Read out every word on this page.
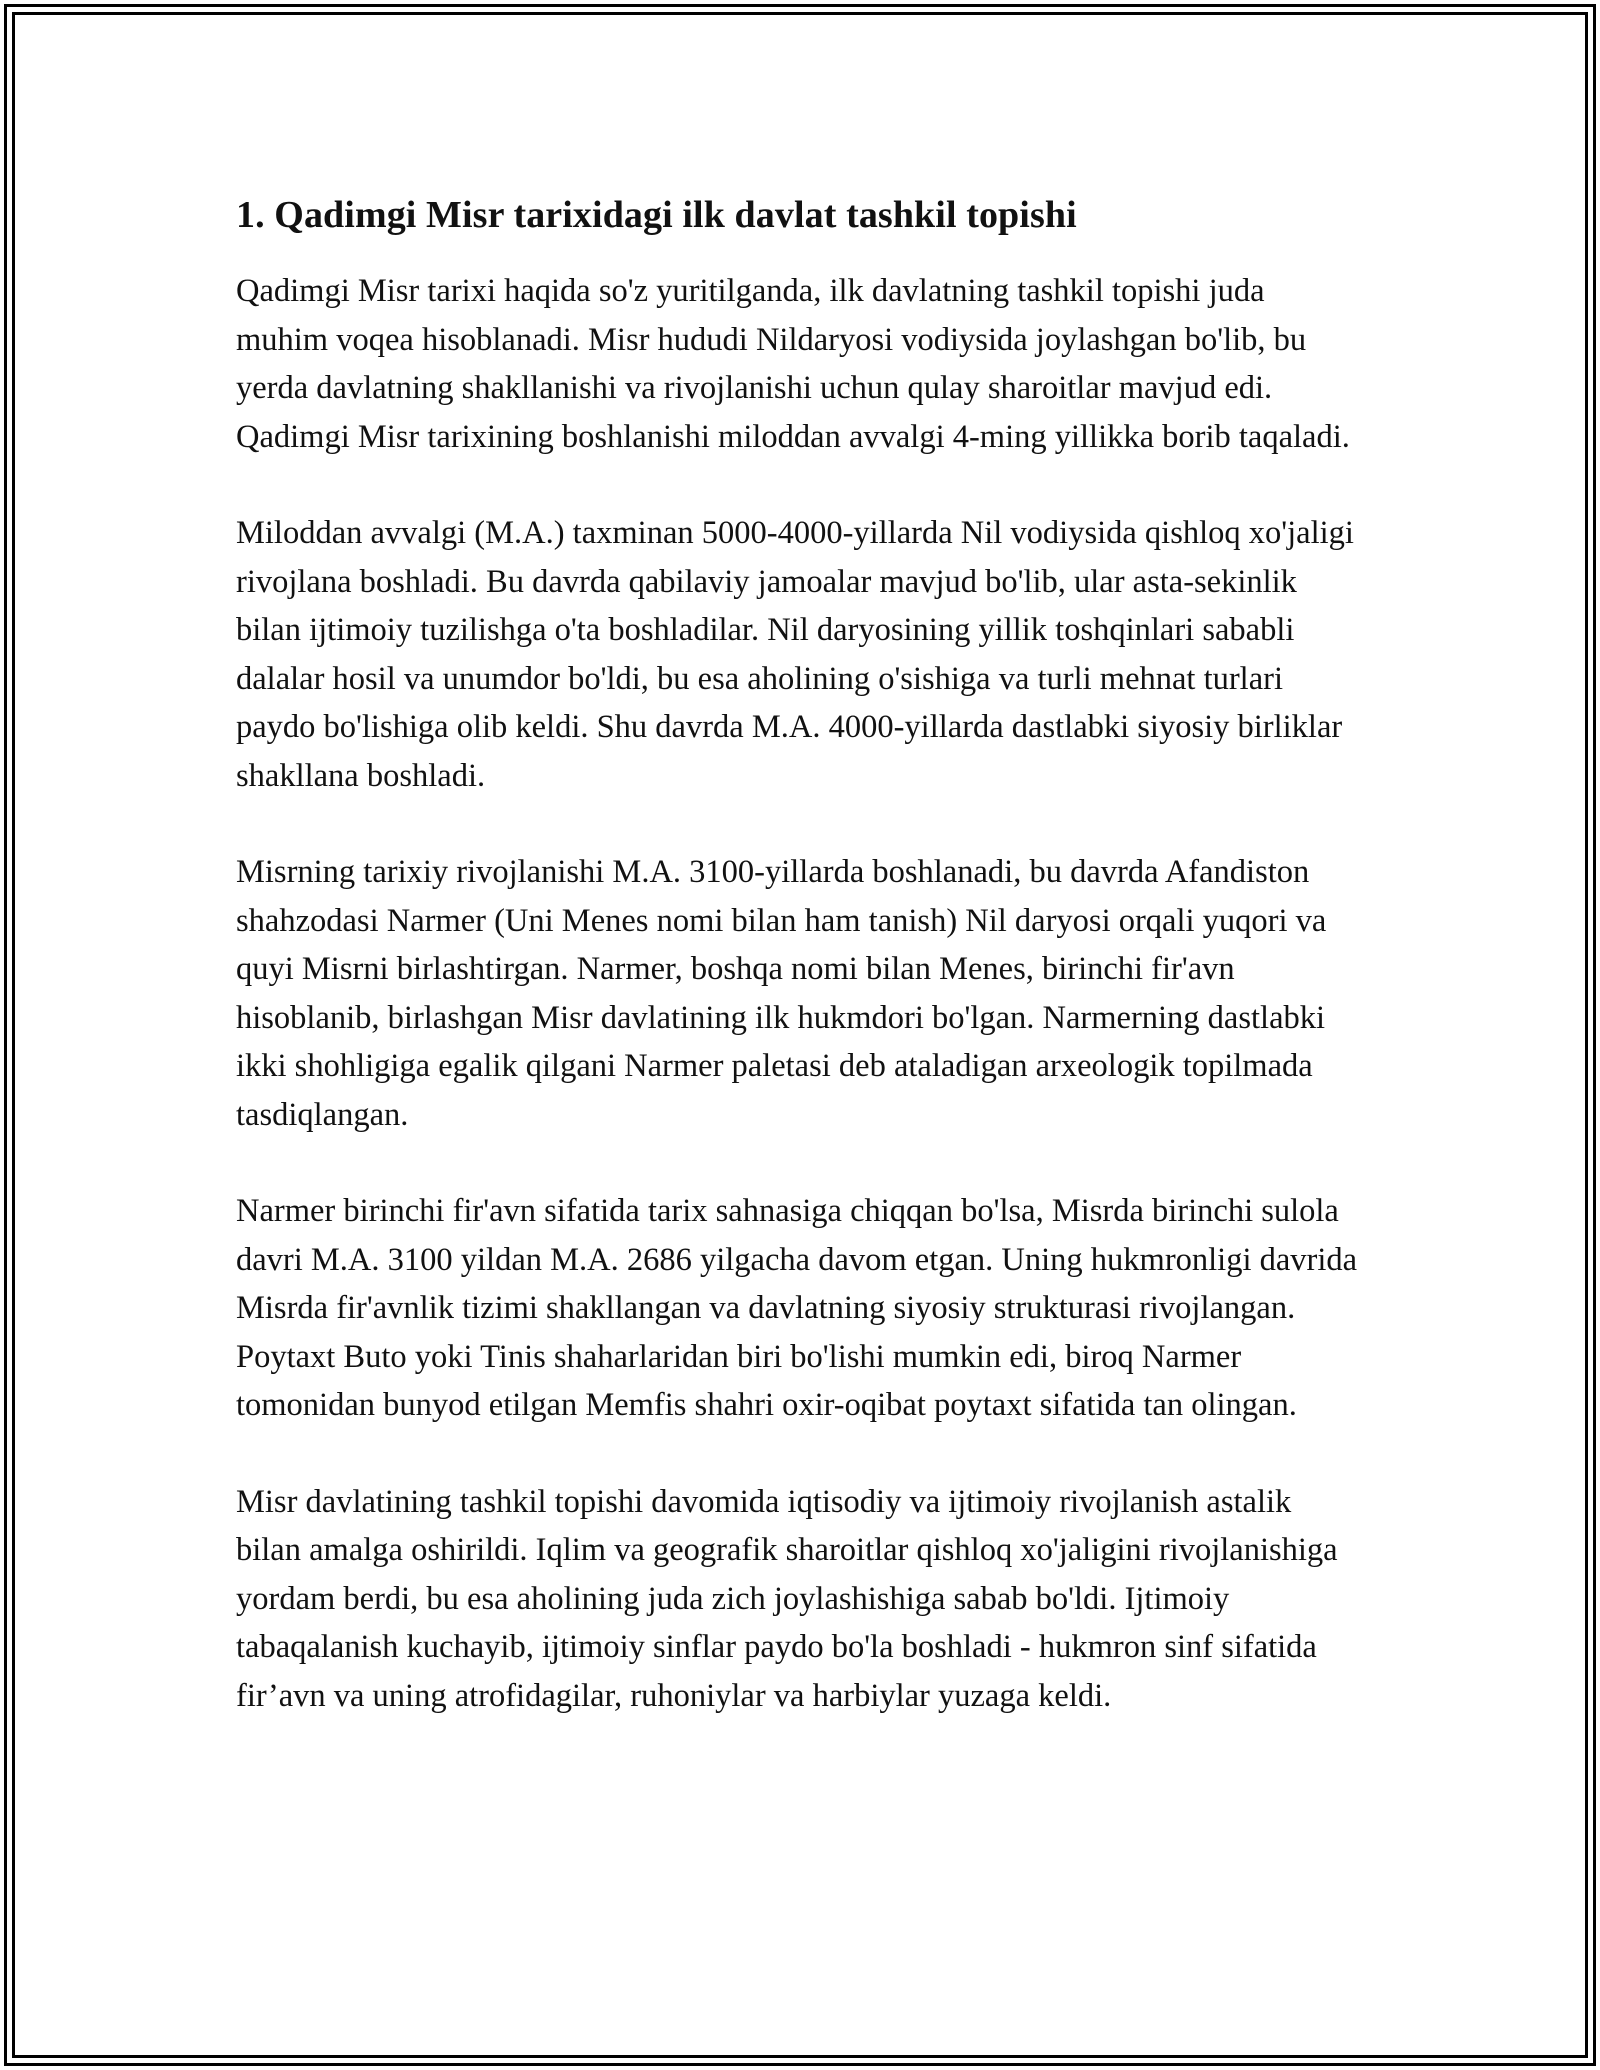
1. Qadimgi Misr tarixidagi ilk davlat tashkil topishi

Qadimgi Misr tarixi haqida so'z yuritilganda, ilk davlatning tashkil topishi juda muhim voqea hisoblanadi. Misr hududi Nildaryosi vodiysida joylashgan bo'lib, bu yerda davlatning shakllanishi va rivojlanishi uchun qulay sharoitlar mavjud edi. Qadimgi Misr tarixining boshlanishi miloddan avvalgi 4-ming yillikka borib taqaladi.

Miloddan avvalgi (M.A.) taxminan 5000-4000-yillarda Nil vodiysida qishloq xo'jaligi rivojlana boshladi. Bu davrda qabilaviy jamoalar mavjud bo'lib, ular asta-sekinlik bilan ijtimoiy tuzilishga o'ta boshladilar. Nil daryosining yillik toshqinlari sababli dalalar hosil va unumdor bo'ldi, bu esa aholining o'sishiga va turli mehnat turlari paydo bo'lishiga olib keldi. Shu davrda M.A. 4000-yillarda dastlabki siyosiy birliklar shakllana boshladi.

Misrning tarixiy rivojlanishi M.A. 3100-yillarda boshlanadi, bu davrda Afandiston shahzodasi Narmer (Uni Menes nomi bilan ham tanish) Nil daryosi orqali yuqori va quyi Misrni birlashtirgan. Narmer, boshqa nomi bilan Menes, birinchi fir'avn hisoblanib, birlashgan Misr davlatining ilk hukmdori bo'lgan. Narmerning dastlabki ikki shohligiga egalik qilgani Narmer paletasi deb ataladigan arxeologik topilmada tasdiqlangan.

Narmer birinchi fir'avn sifatida tarix sahnasiga chiqqan bo'lsa, Misrda birinchi sulola davri M.A. 3100 yildan M.A. 2686 yilgacha davom etgan. Uning hukmronligi davrida Misrda fir'avnlik tizimi shakllangan va davlatning siyosiy strukturasi rivojlangan. Poytaxt Buto yoki Tinis shaharlaridan biri bo'lishi mumkin edi, biroq Narmer tomonidan bunyod etilgan Memfis shahri oxir-oqibat poytaxt sifatida tan olingan.

Misr davlatining tashkil topishi davomida iqtisodiy va ijtimoiy rivojlanish astalik bilan amalga oshirildi. Iqlim va geografik sharoitlar qishloq xo'jaligini rivojlanishiga yordam berdi, bu esa aholining juda zich joylashishiga sabab bo'ldi. Ijtimoiy tabaqalanish kuchayib, ijtimoiy sinflar paydo bo'la boshladi - hukmron sinf sifatida fir’avn va uning atrofidagilar, ruhoniylar va harbiylar yuzaga keldi.
